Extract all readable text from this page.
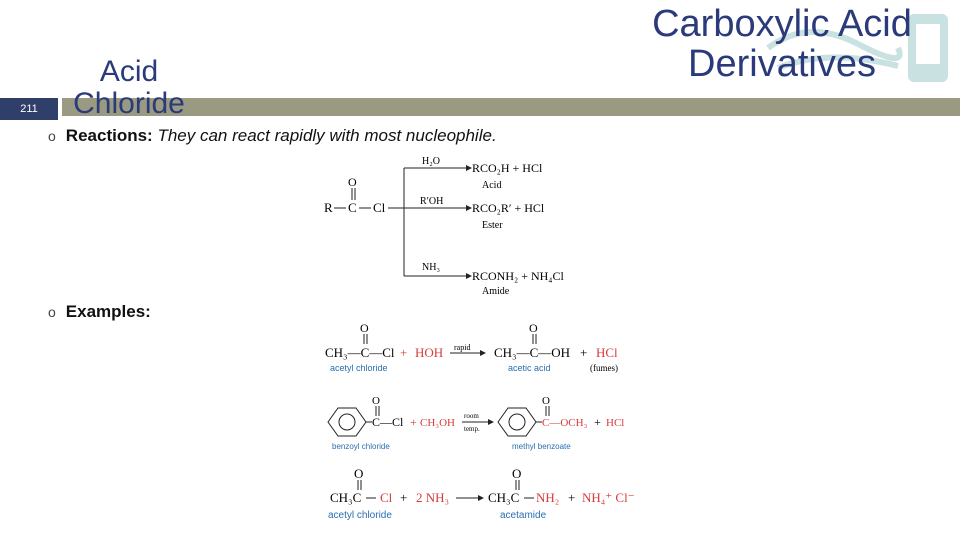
Carboxylic Acid
Derivatives
211
Acid
Chloride
o Reactions: They can react rapidly with most nucleophile.
o Examples:
O
R C Cl
H₂O
R′OH
NH₃
RCO₂H + HCl
Acid
RCO₂R′ + HCl
Ester
RCONH₂ + NH₄Cl
Amide
O
CH₃—C—Cl + HOH rapid
O
CH₃—C—OH + HCl
acetyl chloride	acetic acid	(fumes)
O
C—Cl + CH₃OH
room
temp.
O
C—OCH₃ + HCl
benzoyl chloride	methyl benzoate
O
CH₃C Cl + 2 NH₃
O
CH₃C NH₂ + NH₄⁺ Cl⁻
acetyl chloride	acetamide
